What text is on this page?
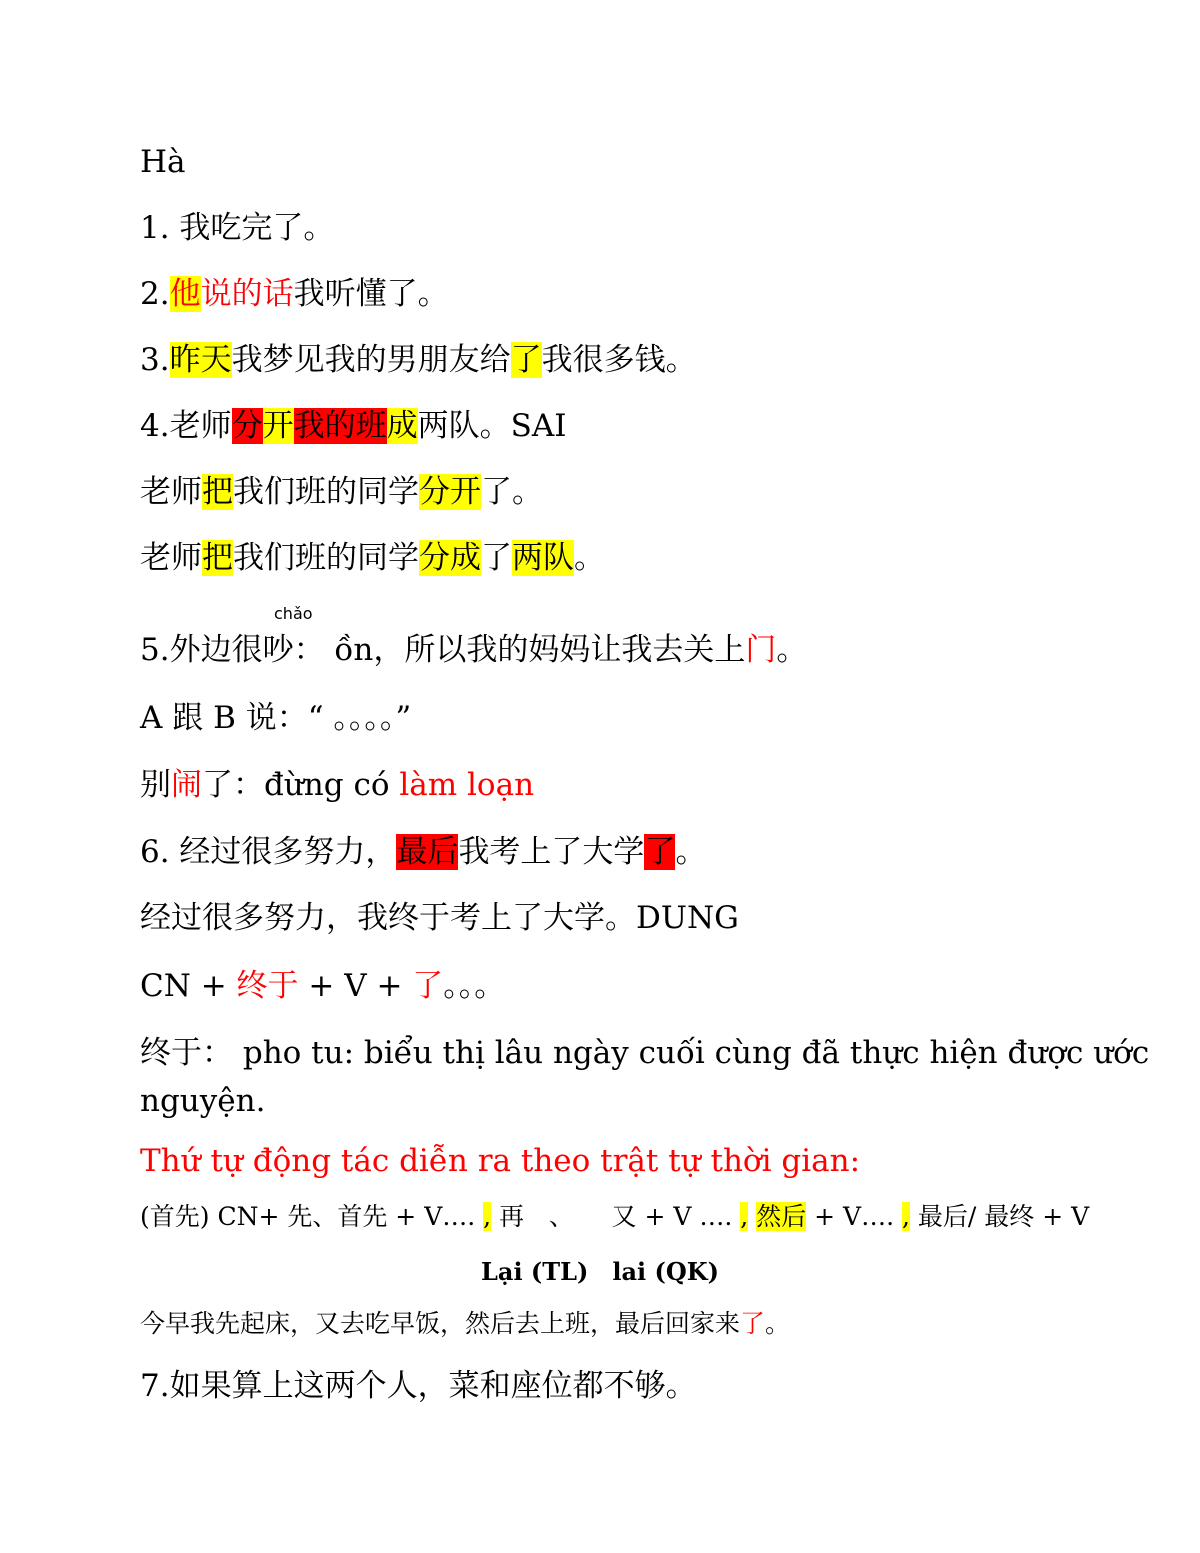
Hà
1. 我吃完了。
2.他说的话我听懂了。
3.昨天我梦见我的男朋友给了我很多钱。
4.老师分开我的班成两队。SAI
老师把我们班的同学分开了。
老师把我们班的同学分成了两队。
chǎo
5.外边很吵： ồn，所以我的妈妈让我去关上门。
A 跟 B 说：“ 。。。。”
别闹了：đừng có làm loạn
6. 经过很多努力，最后我考上了大学了。
经过很多努力，我终于考上了大学。DUNG
CN + 终于 + V + 了。。。
终于： pho tu: biểu thị lâu ngày cuối cùng đã thực hiện được ước
nguyện.
Thứ tự động tác diễn ra theo trật tự thời gian:
(首先) CN+ 先、首先 + V…. , 再　、　　又 + V …. , 然后 + V…. , 最后/ 最终 + V
Lại (TL)　lai (QK)
今早我先起床，又去吃早饭，然后去上班，最后回家来了。
7.如果算上这两个人，菜和座位都不够。
